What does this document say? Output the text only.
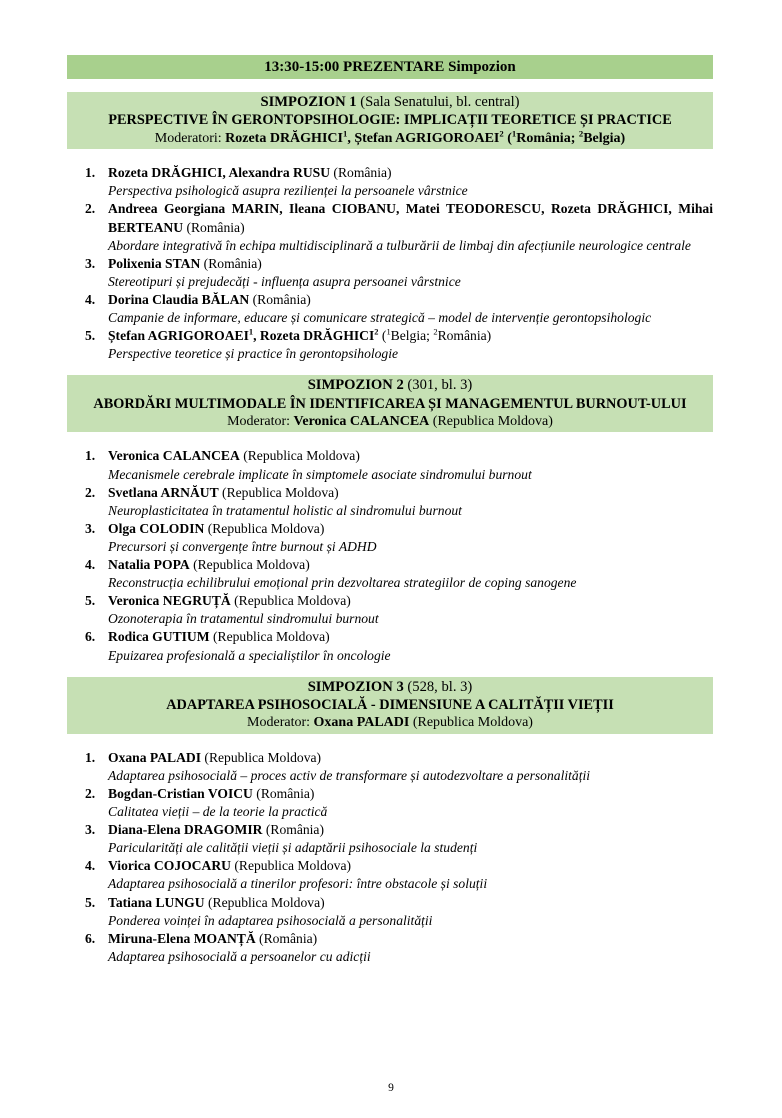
13:30-15:00 PREZENTARE Simpozion

SIMPOZION 1 (Sala Senatului, bl. central)

PERSPECTIVE ÎN GERONTOPSIHOLOGIE: IMPLICAȚII TEORETICE ȘI PRACTICE

Moderatori: Rozeta DRĂGHICI$^1$, Ștefan AGRIGOROAEI$^2$ ($^1$România; $^2$Belgia)

1. Rozeta DRĂGHICI, Alexandra RUSU (România)

Perspectiva psihologică asupra rezilienței la persoanele vârstnice

2. Andreea Georgiana MARIN, Ileana CIOBANU, Matei TEODORESCU, Rozeta DRĂGHICI, Mihai BERTEANU (România)

Abordare integrativă în echipa multidisciplinară a tulburării de limbaj din afecțiunile neurologice centrale

3. Polixenia STAN (România)

Stereotipuri și prejudecăți - influența asupra persoanei vârstnice

4. Dorina Claudia BĂLAN (România)

Campanie de informare, educare și comunicare strategică – model de intervenție gerontopsihologic

5. Ștefan AGRIGOROAEI$^1$, Rozeta DRĂGHICI$^2$ ($^1$Belgia; $^2$România)

Perspective teoretice și practice în gerontopsihologie

SIMPOZION 2 (301, bl. 3)

ABORDĂRI MULTIMODALE ÎN IDENTIFICAREA ȘI MANAGEMENTUL BURNOUT-ULUI

Moderator: Veronica CALANCEA (Republica Moldova)

1. Veronica CALANCEA (Republica Moldova)

Mecanismele cerebrale implicate în simptomele asociate sindromului burnout

2. Svetlana ARNĂUT (Republica Moldova)

Neuroplasticitatea în tratamentul holistic al sindromului burnout

3. Olga COLODIN (Republica Moldova)

Precursori și convergențe între burnout și ADHD

4. Natalia POPA (Republica Moldova)

Reconstrucția echilibrului emoțional prin dezvoltarea strategiilor de coping sanogene

5. Veronica NEGRUȚĂ (Republica Moldova)

Ozonoterapia în tratamentul sindromului burnout

6. Rodica GUTIUM (Republica Moldova)

Epuizarea profesională a specialiștilor în oncologie

SIMPOZION 3 (528, bl. 3)

ADAPTAREA PSIHOSOCIALĂ - DIMENSIUNE A CALITĂȚII VIEȚII

Moderator: Oxana PALADI (Republica Moldova)

1. Oxana PALADI (Republica Moldova)

Adaptarea psihosocială – proces activ de transformare și autodezvoltare a personalității

2. Bogdan-Cristian VOICU (România)

Calitatea vieții – de la teorie la practică

3. Diana-Elena DRAGOMIR (România)

Paricularități ale calității vieții și adaptării psihosociale la studenți

4. Viorica COJOCARU (Republica Moldova)

Adaptarea psihosocială a tinerilor profesori: între obstacole și soluții

5. Tatiana LUNGU (Republica Moldova)

Ponderea voinței în adaptarea psihosocială a personalității

6. Miruna-Elena MOANȚĂ (România)

Adaptarea psihosocială a persoanelor cu adicții

9
